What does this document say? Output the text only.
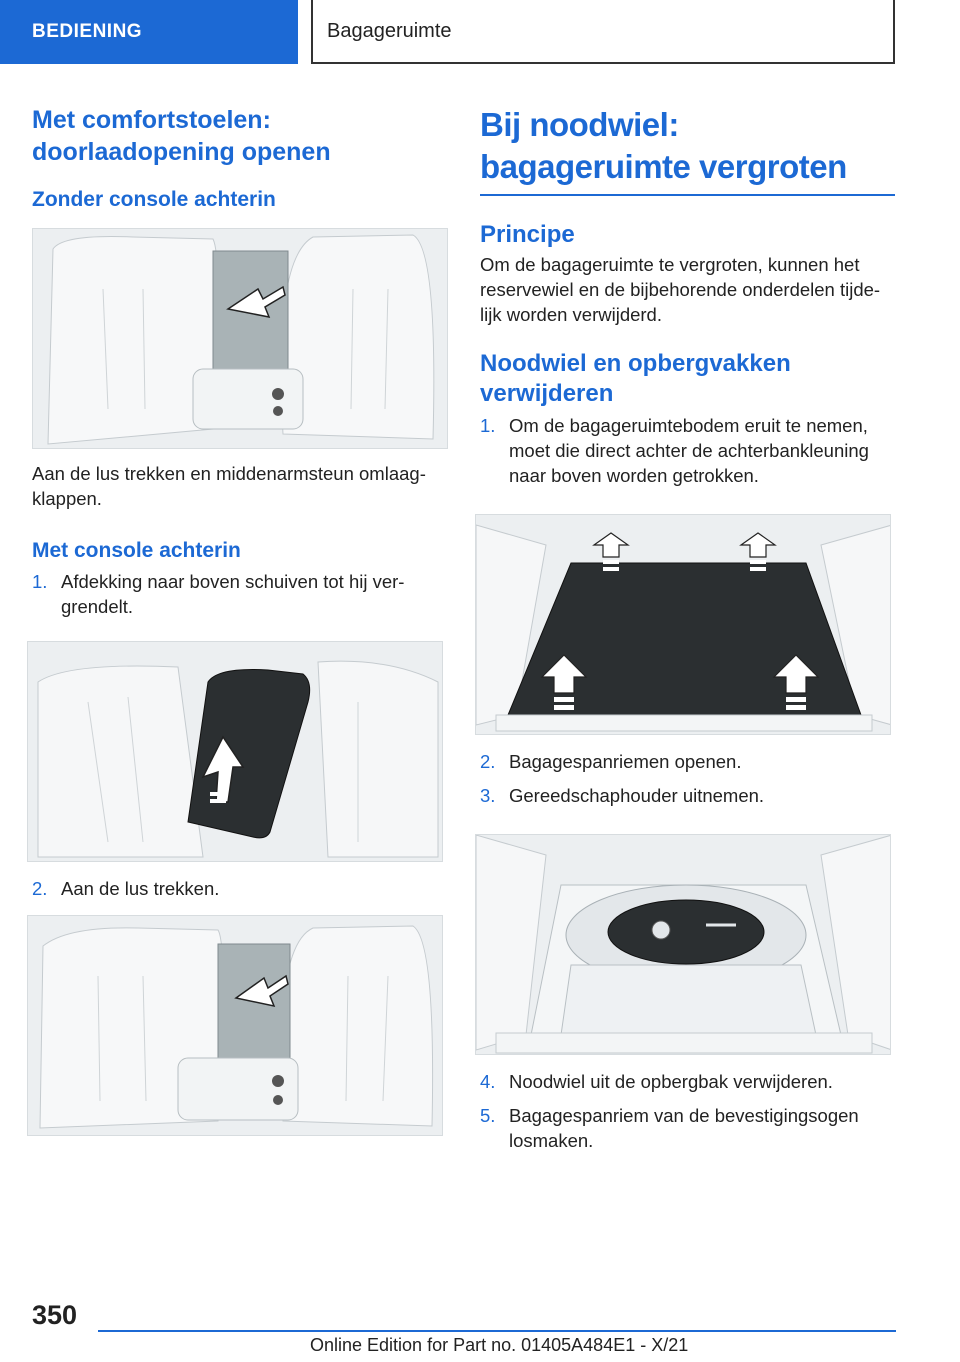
BEDIENING	Bagageruimte
Met comfortstoelen: doorlaadopening openen
Zonder console achterin

Aan de lus trekken en middenarmsteun omlaag-klappen.

Met console achterin
1. Afdekking naar boven schuiven tot hij ver-grendelt.
2. Aan de lus trekken.
Bij noodwiel: bagageruimte vergroten
Principe

Om de bagageruimte te vergroten, kunnen het reservewiel en de bijbehorende onderdelen tijde-lijk worden verwijderd.

Noodwiel en opbergvakken verwijderen
1. Om de bagageruimtebodem eruit te nemen, moet die direct achter de achterbankleuning naar boven worden getrokken.
2. Bagagespanriemen openen.
3. Gereedschaphouder uitnemen.
4. Noodwiel uit de opbergbak verwijderen.
5. Bagagespanriem van de bevestigingsogen losmaken.
350
Online Edition for Part no. 01405A484E1 - X/21
